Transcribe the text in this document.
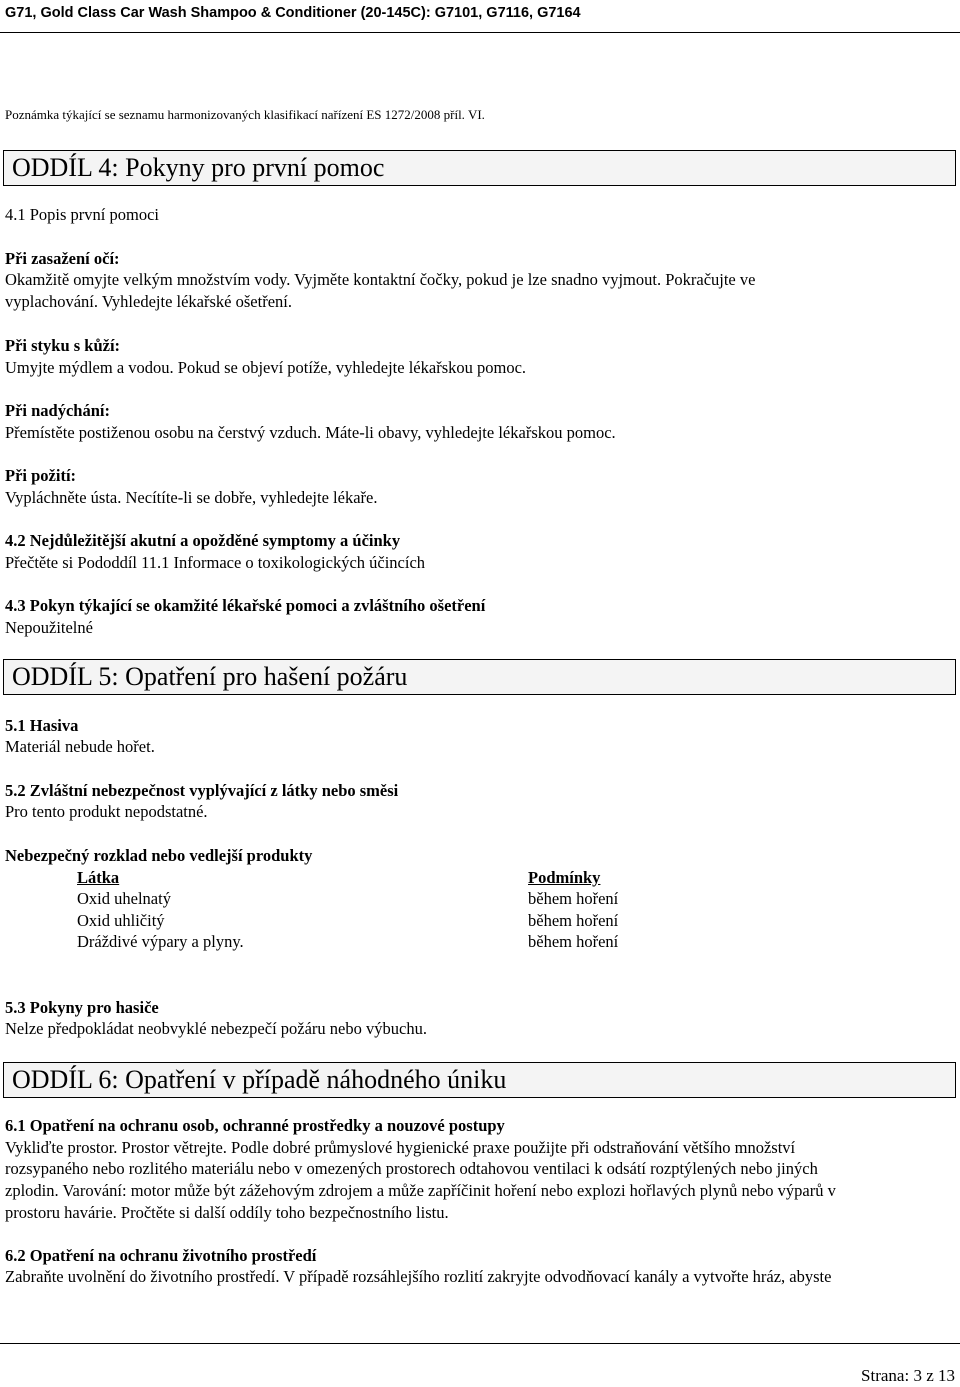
G71, Gold Class Car Wash Shampoo & Conditioner (20-145C): G7101, G7116, G7164
Poznámka týkající se seznamu harmonizovaných klasifikací nařízení ES 1272/2008 příl. VI.
ODDÍL 4: Pokyny pro první pomoc
4.1 Popis první pomoci
Při zasažení očí:
Okamžitě omyjte velkým množstvím vody. Vyjměte kontaktní čočky, pokud je lze snadno vyjmout. Pokračujte ve
vyplachování. Vyhledejte lékařské ošetření.
Při styku s kůží:
Umyjte mýdlem a vodou. Pokud se objeví potíže, vyhledejte lékařskou pomoc.
Při nadýchání:
Přemístěte postiženou osobu na čerstvý vzduch. Máte-li obavy, vyhledejte lékařskou pomoc.
Při požití:
Vypláchněte ústa. Necítíte-li se dobře, vyhledejte lékaře.
4.2 Nejdůležitější akutní a opožděné symptomy a účinky
Přečtěte si Pododdíl 11.1 Informace o toxikologických účincích
4.3 Pokyn týkající se okamžité lékařské pomoci a zvláštního ošetření
Nepoužitelné
ODDÍL 5: Opatření pro hašení požáru
5.1 Hasiva
Materiál nebude hořet.
5.2 Zvláštní nebezpečnost vyplývající z látky nebo směsi
Pro tento produkt nepodstatné.
Nebezpečný rozklad nebo vedlejší produkty
Látka	Podmínky
Oxid uhelnatý	během hoření
Oxid uhličitý	během hoření
Dráždivé výpary a plyny.	během hoření
5.3 Pokyny pro hasiče
Nelze předpokládat neobvyklé nebezpečí požáru nebo výbuchu.
ODDÍL 6: Opatření v případě náhodného úniku
6.1 Opatření na ochranu osob, ochranné prostředky a nouzové postupy
Vykliďte prostor. Prostor větrejte. Podle dobré průmyslové hygienické praxe použijte při odstraňování většího množství
rozsypaného nebo rozlitého materiálu nebo v omezených prostorech odtahovou ventilaci k odsátí rozptýlených nebo jiných
zplodin. Varování: motor může být zážehovým zdrojem a může zapříčinit hoření nebo explozi hořlavých plynů nebo výparů v
prostoru havárie. Pročtěte si další oddíly toho bezpečnostního listu.
6.2 Opatření na ochranu životního prostředí
Zabraňte uvolnění do životního prostředí. V případě rozsáhlejšího rozlití zakryjte odvodňovací kanály a vytvořte hráz, abyste
Strana: 3 z 13
